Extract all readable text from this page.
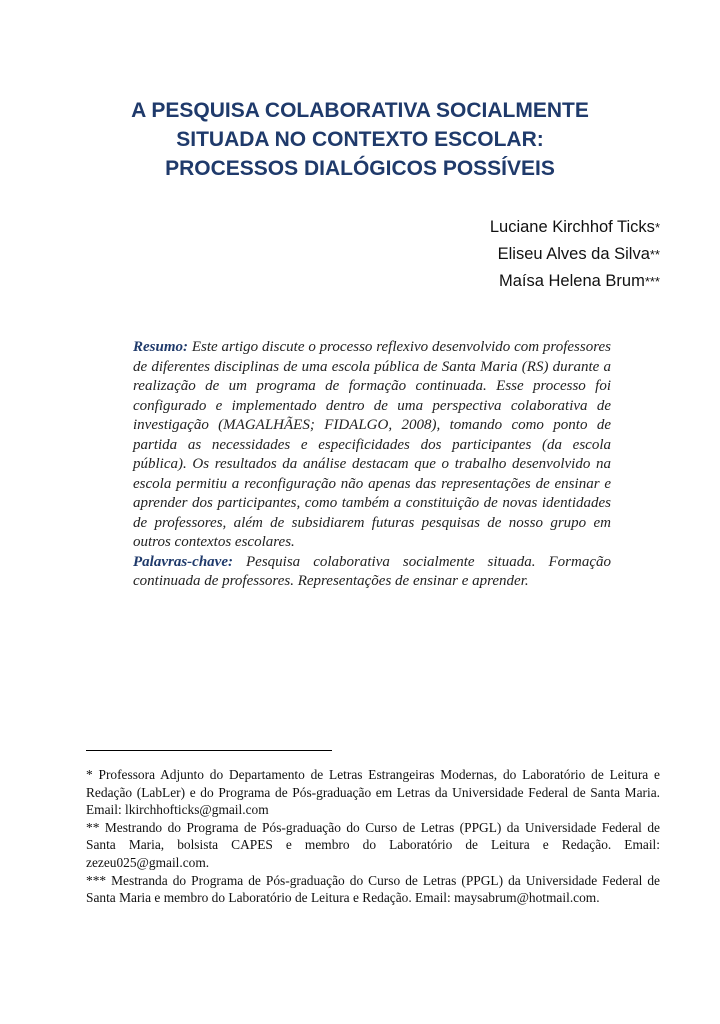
A PESQUISA COLABORATIVA SOCIALMENTE
SITUADA NO CONTEXTO ESCOLAR:
PROCESSOS DIALÓGICOS POSSÍVEIS
Luciane Kirchhof Ticks*
Eliseu Alves da Silva**
Maísa Helena Brum***

Resumo: Este artigo discute o processo reflexivo desenvolvido com professores de diferentes disciplinas de uma escola pública de Santa Maria (RS) durante a realização de um programa de formação continuada. Esse processo foi configurado e implementado dentro de uma perspectiva colaborativa de investigação (MAGALHÃES; FIDALGO, 2008), tomando como ponto de partida as necessidades e especificidades dos participantes (da escola pública). Os resultados da análise destacam que o trabalho desenvolvido na escola permitiu a reconfiguração não apenas das representações de ensinar e aprender dos participantes, como também a constituição de novas identidades de professores, além de subsidiarem futuras pesquisas de nosso grupo em outros contextos escolares.

Palavras-chave: Pesquisa colaborativa socialmente situada. Formação continuada de professores. Representações de ensinar e aprender.

* Professora Adjunto do Departamento de Letras Estrangeiras Modernas, do Laboratório de Leitura e Redação (LabLer) e do Programa de Pós-graduação em Letras da Universidade Federal de Santa Maria. Email: lkirchhofticks@gmail.com

** Mestrando do Programa de Pós-graduação do Curso de Letras (PPGL) da Universidade Federal de Santa Maria, bolsista CAPES e membro do Laboratório de Leitura e Redação. Email: zezeu025@gmail.com.

*** Mestranda do Programa de Pós-graduação do Curso de Letras (PPGL) da Universidade Federal de Santa Maria e membro do Laboratório de Leitura e Redação. Email: maysabrum@hotmail.com.
